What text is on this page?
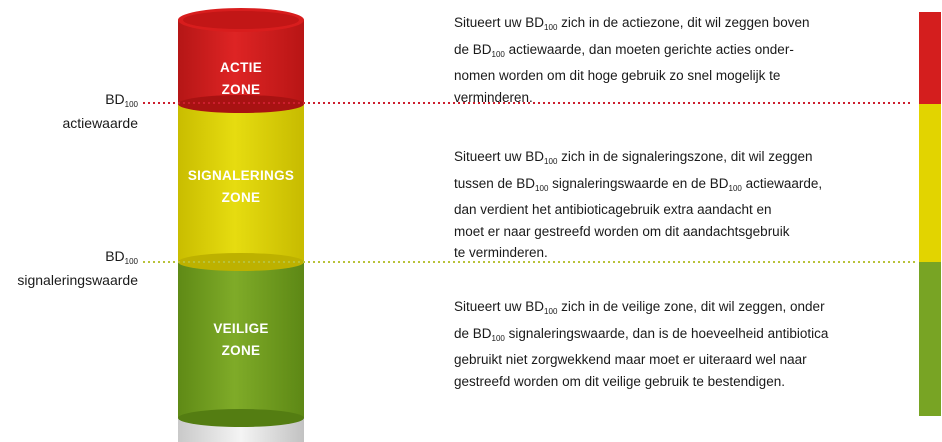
$BD_{100}$
actiewaarde
$BD_{100}$
signaleringswaarde
ACTIE
ZONE
SIGNALERINGS
ZONE
VEILIGE
ZONE
Situeert uw $BD_{100}$ zich in de actiezone, dit wil zeggen boven
de $BD_{100}$ actiewaarde, dan moeten gerichte acties onder-
nomen worden om dit hoge gebruik zo snel mogelijk te
verminderen.
Situeert uw $BD_{100}$ zich in de signaleringszone, dit wil zeggen
tussen de $BD_{100}$ signaleringswaarde en de $BD_{100}$ actiewaarde,
dan verdient het antibioticagebruik extra aandacht en
moet er naar gestreefd worden om dit aandachtsgebruik
te verminderen.
Situeert uw $BD_{100}$ zich in de veilige zone, dit wil zeggen, onder
de $BD_{100}$ signaleringswaarde, dan is de hoeveelheid antibiotica
gebruikt niet zorgwekkend maar moet er uiteraard wel naar
gestreefd worden om dit veilige gebruik te bestendigen.
